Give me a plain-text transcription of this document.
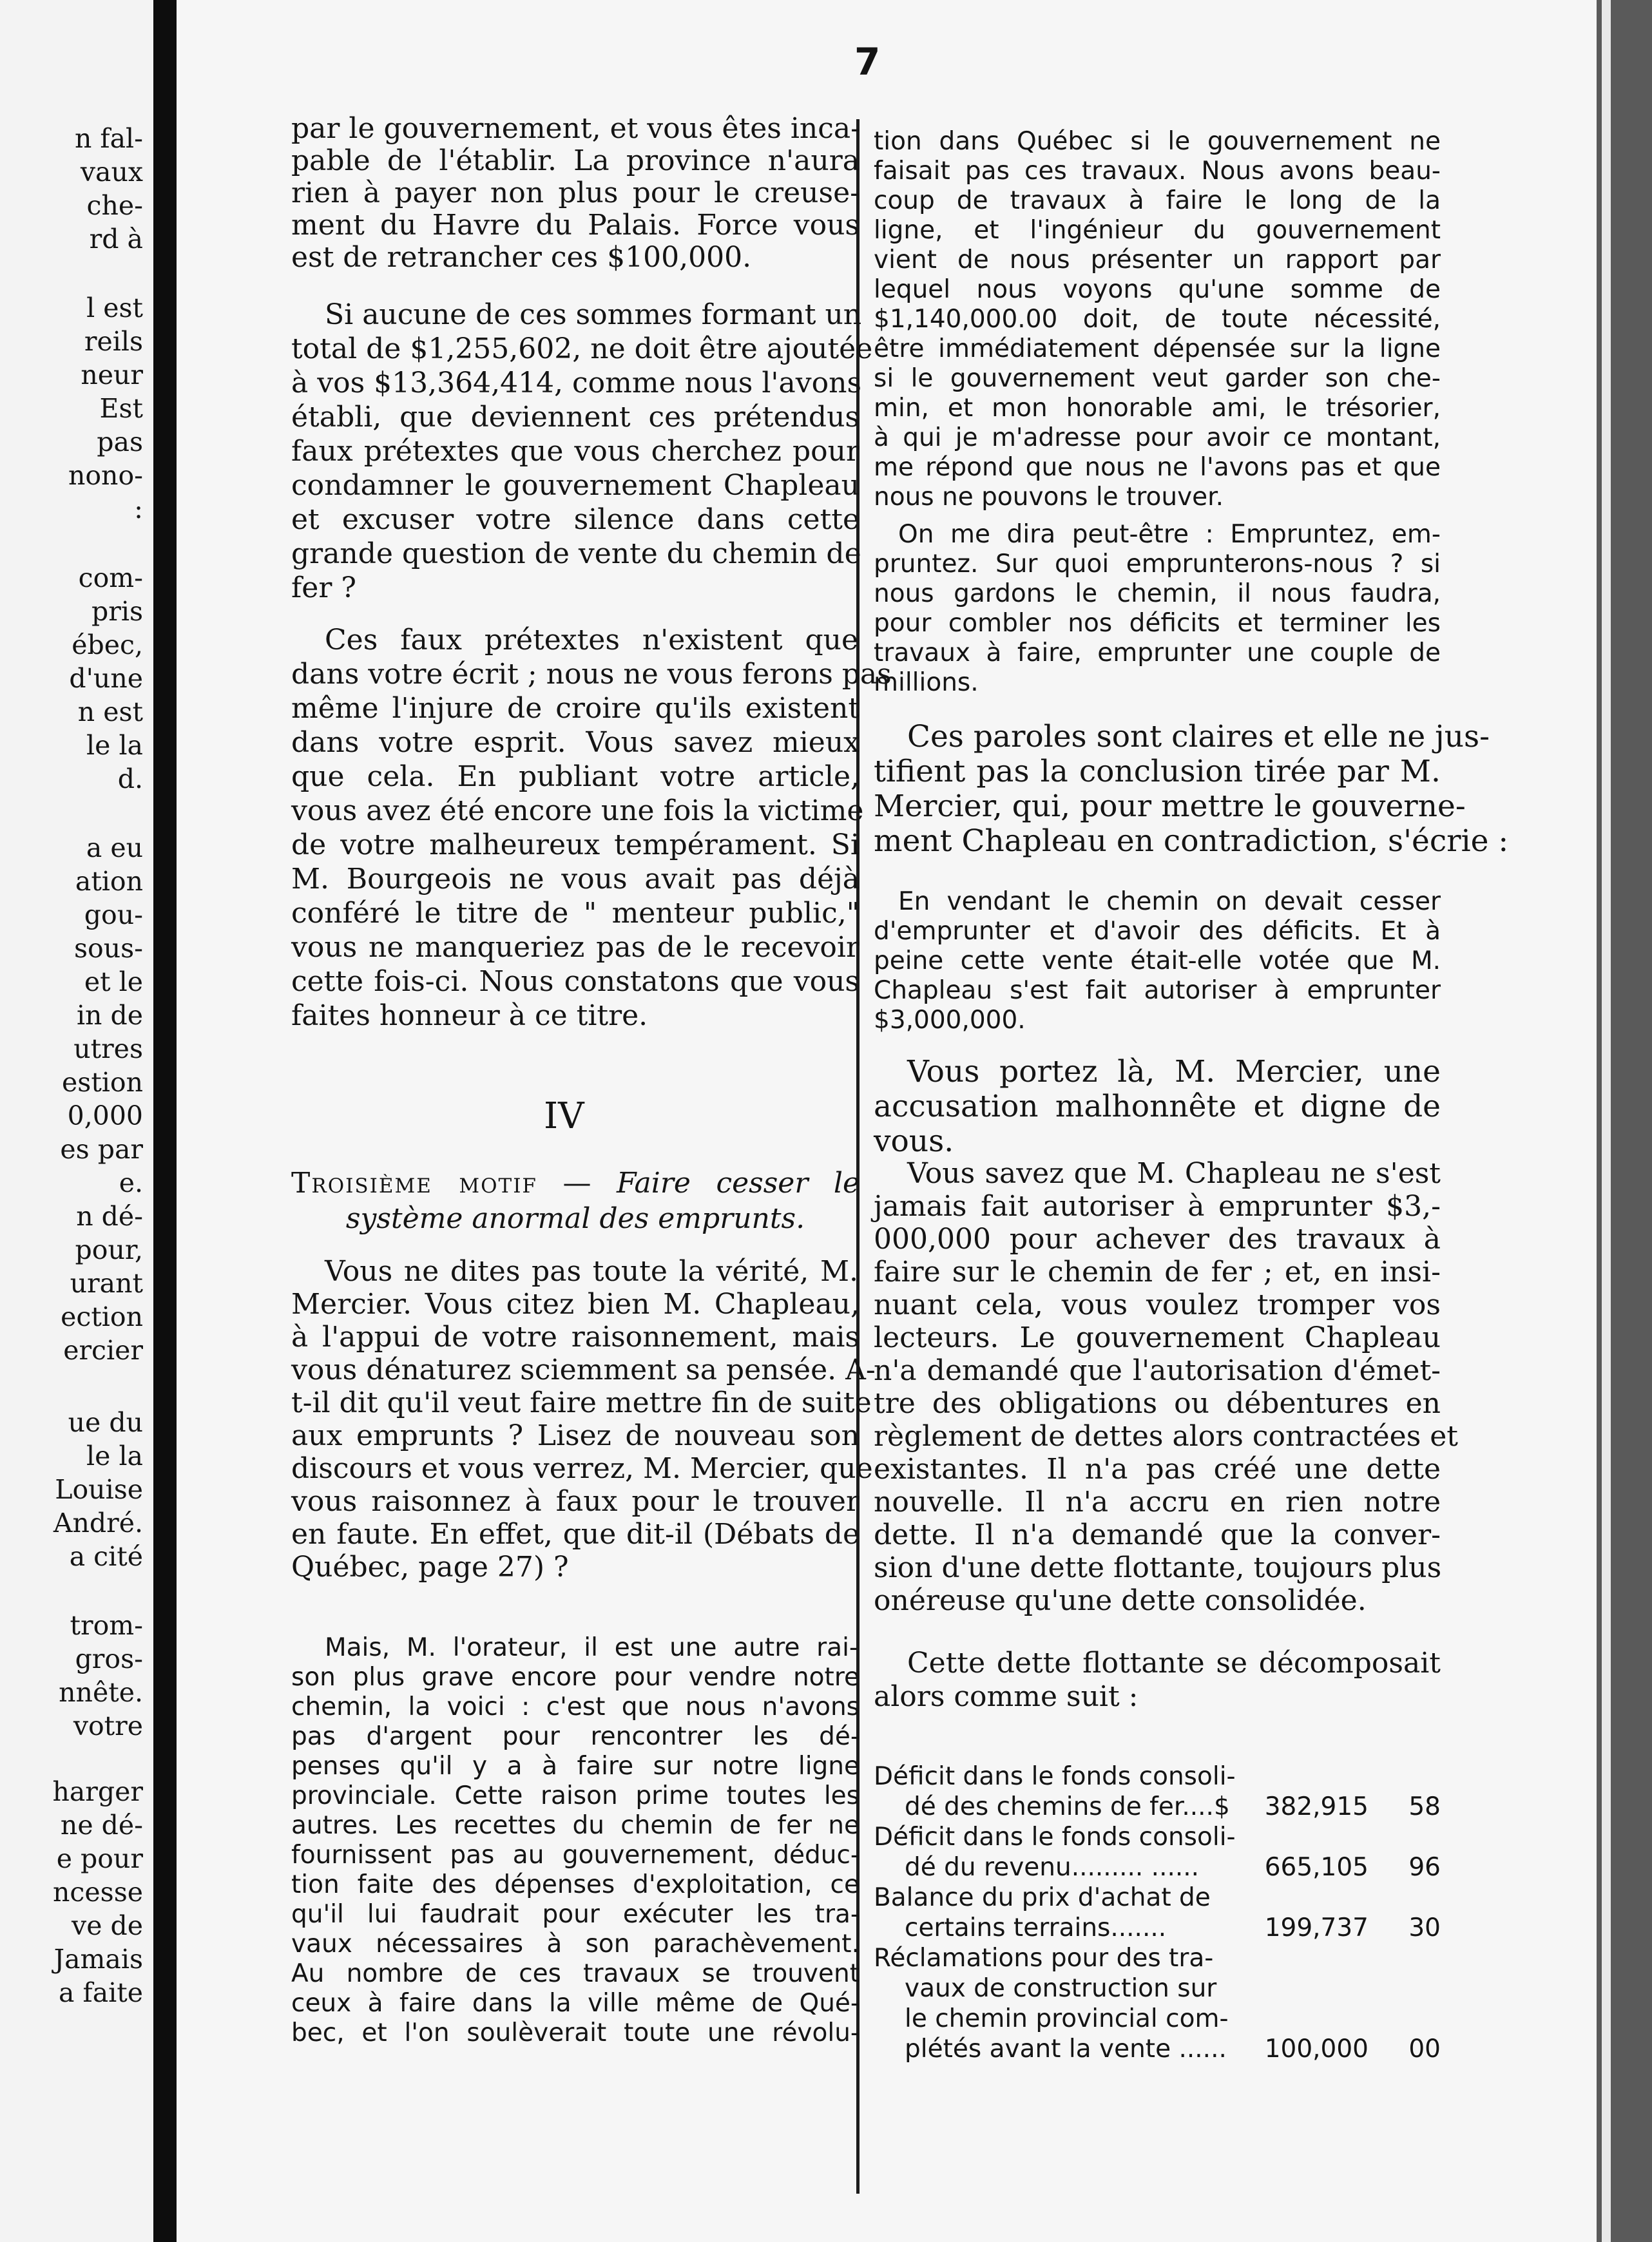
n fal-
vaux
che-
rd à
l est
reils
neur
Est
pas
nono-
:
com-
pris
ébec,
d'une
n est
le la
d.
a eu
ation
gou-
sous-
et le
in de
utres
estion
0,000
es par
e.
n dé-
pour,
urant
ection
ercier
ue du
le la
Louise
André.
a cité
trom-
gros-
nnête.
votre
harger
ne dé-
e pour
ncesse
ve de
Jamais
a faite
7
par le gouvernement, et vous êtes inca-
pable de l'établir. La province n'aura
rien à payer non plus pour le creuse-
ment du Havre du Palais. Force vous
est de retrancher ces $100,000.
Si aucune de ces sommes formant un
total de $1,255,602, ne doit être ajoutée
à vos $13,364,414, comme nous l'avons
établi, que deviennent ces prétendus
faux prétextes que vous cherchez pour
condamner le gouvernement Chapleau
et excuser votre silence dans cette
grande question de vente du chemin de
fer ?
Ces faux prétextes n'existent que
dans votre écrit ; nous ne vous ferons pas
même l'injure de croire qu'ils existent
dans votre esprit. Vous savez mieux
que cela. En publiant votre article,
vous avez été encore une fois la victime
de votre malheureux tempérament. Si
M. Bourgeois ne vous avait pas déjà
conféré le titre de " menteur public,"
vous ne manqueriez pas de le recevoir
cette fois-ci. Nous constatons que vous
faites honneur à ce titre.
IV
Troisième motif — Faire cesser le
système anormal des emprunts.
Vous ne dites pas toute la vérité, M.
Mercier. Vous citez bien M. Chapleau,
à l'appui de votre raisonnement, mais
vous dénaturez sciemment sa pensée. A-
t-il dit qu'il veut faire mettre fin de suite
aux emprunts ? Lisez de nouveau son
discours et vous verrez, M. Mercier, que
vous raisonnez à faux pour le trouver
en faute. En effet, que dit-il (Débats de
Québec, page 27) ?
Mais, M. l'orateur, il est une autre rai-
son plus grave encore pour vendre notre
chemin, la voici : c'est que nous n'avons
pas d'argent pour rencontrer les dé-
penses qu'il y a à faire sur notre ligne
provinciale. Cette raison prime toutes les
autres. Les recettes du chemin de fer ne
fournissent pas au gouvernement, déduc-
tion faite des dépenses d'exploitation, ce
qu'il lui faudrait pour exécuter les tra-
vaux nécessaires à son parachèvement.
Au nombre de ces travaux se trouvent
ceux à faire dans la ville même de Qué-
bec, et l'on soulèverait toute une révolu-
tion dans Québec si le gouvernement ne
faisait pas ces travaux. Nous avons beau-
coup de travaux à faire le long de la
ligne, et l'ingénieur du gouvernement
vient de nous présenter un rapport par
lequel nous voyons qu'une somme de
$1,140,000.00 doit, de toute nécessité,
être immédiatement dépensée sur la ligne
si le gouvernement veut garder son che-
min, et mon honorable ami, le trésorier,
à qui je m'adresse pour avoir ce montant,
me répond que nous ne l'avons pas et que
nous ne pouvons le trouver.
On me dira peut-être : Empruntez, em-
pruntez. Sur quoi emprunterons-nous ? si
nous gardons le chemin, il nous faudra,
pour combler nos déficits et terminer les
travaux à faire, emprunter une couple de
millions.
Ces paroles sont claires et elle ne jus-
tifient pas la conclusion tirée par M.
Mercier, qui, pour mettre le gouverne-
ment Chapleau en contradiction, s'écrie :
En vendant le chemin on devait cesser
d'emprunter et d'avoir des déficits. Et à
peine cette vente était-elle votée que M.
Chapleau s'est fait autoriser à emprunter
$3,000,000.
Vous portez là, M. Mercier, une
accusation malhonnête et digne de
vous.
Vous savez que M. Chapleau ne s'est
jamais fait autoriser à emprunter $3,-
000,000 pour achever des travaux à
faire sur le chemin de fer ; et, en insi-
nuant cela, vous voulez tromper vos
lecteurs. Le gouvernement Chapleau
n'a demandé que l'autorisation d'émet-
tre des obligations ou débentures en
règlement de dettes alors contractées et
existantes. Il n'a pas créé une dette
nouvelle. Il n'a accru en rien notre
dette. Il n'a demandé que la conver-
sion d'une dette flottante, toujours plus
onéreuse qu'une dette consolidée.
Cette dette flottante se décomposait
alors comme suit :
Déficit dans le fonds consoli-
dé des chemins de fer....$ 382,915 58
Déficit dans le fonds consoli-
dé du revenu......... ......	665,105 96
Balance du prix d'achat de
certains terrains.......	199,737 30
Réclamations pour des tra-
vaux de construction sur
le chemin provincial com-
plétés avant la vente ...... 100,000 00
